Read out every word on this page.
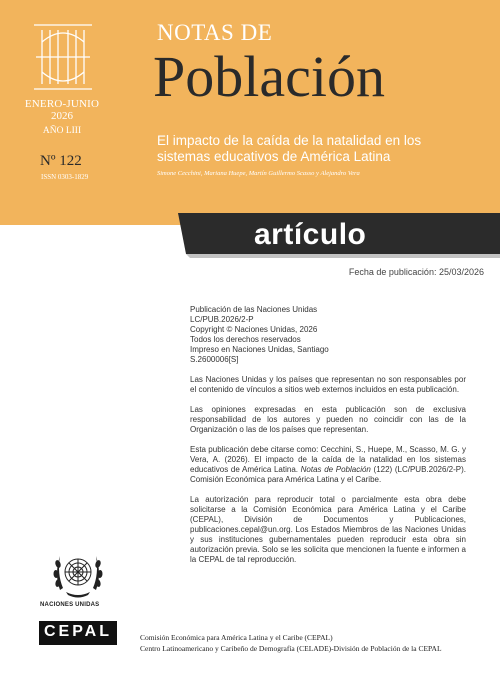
ENERO-JUNIO
2026
AÑO LIII
Nº 122
ISSN 0303-1829
NOTAS DE
Población
El impacto de la caída de la natalidad en los sistemas educativos de América Latina
Simone Cecchini, Mariana Huepe, Martín Guillermo Scasso y Alejandro Vera
artículo
Fecha de publicación: 25/03/2026
Publicación de las Naciones Unidas
LC/PUB.2026/2-P
Copyright © Naciones Unidas, 2026
Todos los derechos reservados
Impreso en Naciones Unidas, Santiago
S.2600006[S]

Las Naciones Unidas y los países que representan no son responsables por el contenido de vínculos a sitios web externos incluidos en esta publicación.

Las opiniones expresadas en esta publicación son de exclusiva responsabilidad de los autores y pueden no coincidir con las de la Organización o las de los países que representan.

Esta publicación debe citarse como: Cecchini, S., Huepe, M., Scasso, M. G. y Vera, A. (2026). El impacto de la caída de la natalidad en los sistemas educativos de América Latina. Notas de Población (122) (LC/PUB.2026/2-P). Comisión Económica para América Latina y el Caribe.

La autorización para reproducir total o parcialmente esta obra debe solicitarse a la Comisión Económica para América Latina y el Caribe (CEPAL), División de Documentos y Publicaciones, publicaciones.cepal@un.org. Los Estados Miembros de las Naciones Unidas y sus instituciones gubernamentales pueden reproducir esta obra sin autorización previa. Solo se les solicita que mencionen la fuente e informen a la CEPAL de tal reproducción.

NACIONES UNIDAS
CEPAL	Comisión Económica para América Latina y el Caribe (CEPAL)
Centro Latinoamericano y Caribeño de Demografía (CELADE)-División de Población de la CEPAL
